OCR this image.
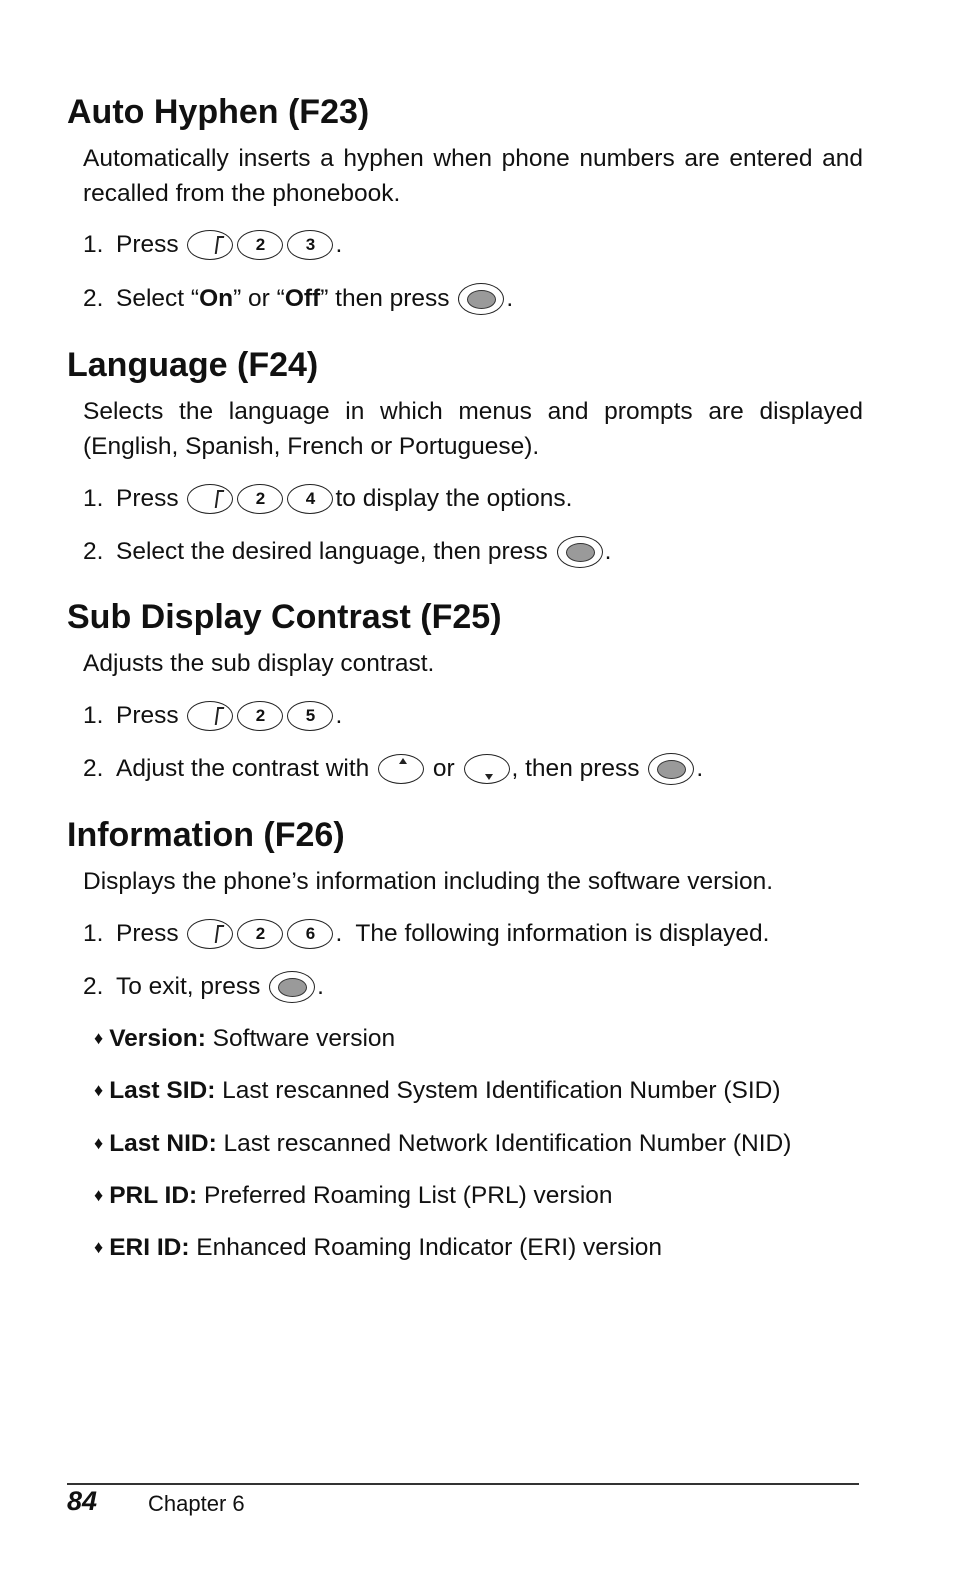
Auto Hyphen (F23)

Automatically inserts a hyphen when phone numbers are entered and recalled from the phonebook.

1. Press
	2	3 .
2. Select “ On ” or “ Off ” then press
.
Language (F24)

Selects the language in which menus and prompts are displayed (English, Spanish, French or Portuguese).

1. Press
	2	4 to display the options.
2. Select the desired language, then press
.
Sub Display Contrast (F25)

Adjusts the sub display contrast.

1. Press
	2	5 .
2. Adjust the contrast with
or , then press
.
Information (F26)

Displays the phone’s information including the software version.

1. Press
	2	6 .  The following information is displayed.
2. To exit, press
.
♦ Version: Software version
♦ Last SID: Last rescanned System Identification Number (SID)
♦ Last NID: Last rescanned Network Identification Number (NID)
♦ PRL ID: Preferred Roaming List (PRL) version
♦ ERI ID: Enhanced Roaming Indicator (ERI) version
84 Chapter 6
